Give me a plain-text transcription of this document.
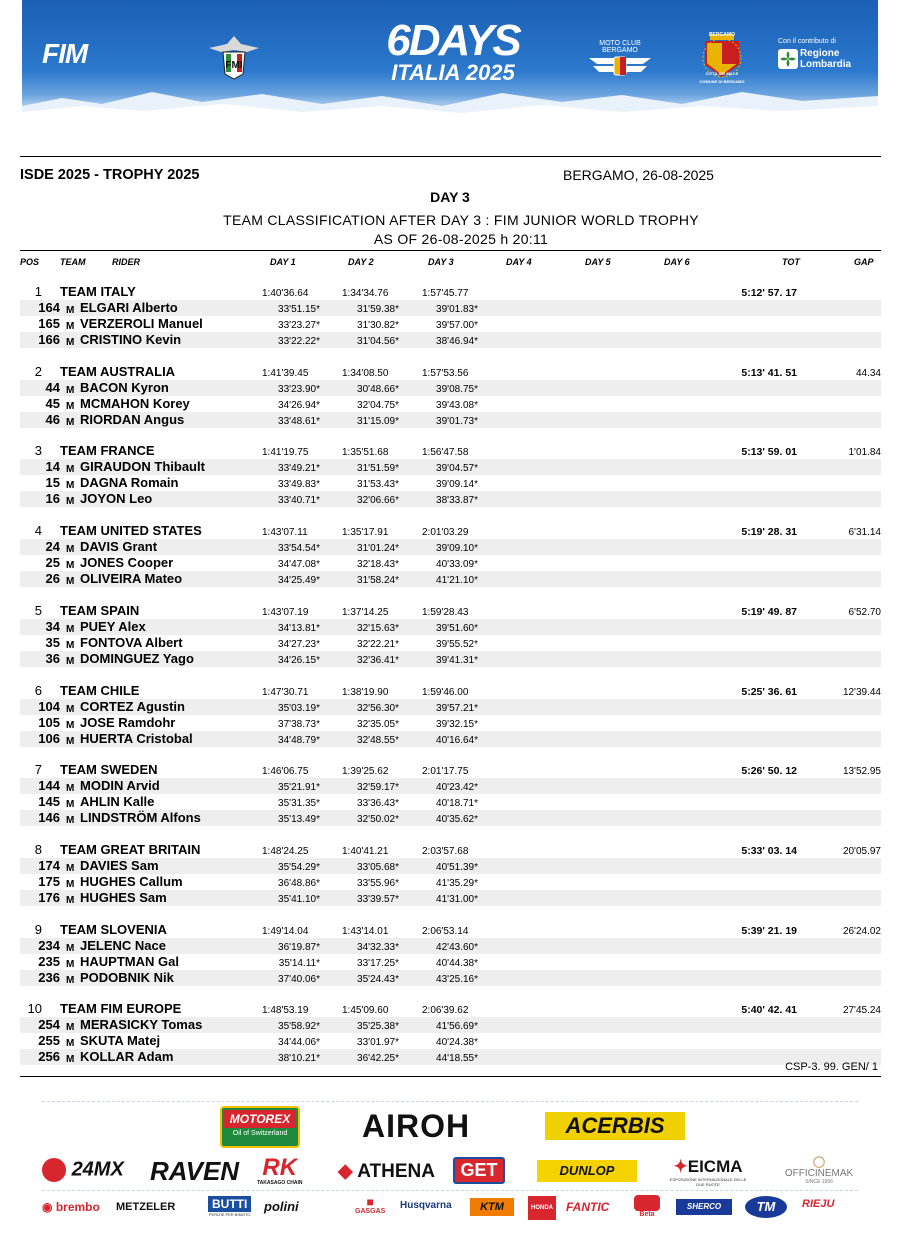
FIM	FMI
6DAYS
ITALIA 2025
MOTO CLUB BERGAMO
BERGAMO
CITTÀ DEI MILLE
COMUNE DI BERGAMO
Con il contributo di
Regione
Lombardia
ISDE 2025 - TROPHY 2025	BERGAMO, 26-08-2025
DAY 3
TEAM CLASSIFICATION AFTER DAY 3 : FIM JUNIOR WORLD TROPHY
AS OF 26-08-2025 h 20:11
POS TEAM	RIDER	DAY 1	DAY 2	DAY 3	DAY 4	DAY 5	DAY 6	TOT	GAP
1 TEAM ITALY	1:40'36.64	1:34'34.76	1:57'45.77	5:12' 57. 17
164 M ELGARI Alberto	33'51.15*	31'59.38*	39'01.83*
165 M VERZEROLI Manuel	33'23.27*	31'30.82*	39'57.00*
166 M CRISTINO Kevin	33'22.22*	31'04.56*	38'46.94*
2 TEAM AUSTRALIA	1:41'39.45	1:34'08.50	1:57'53.56	5:13' 41. 51	44.34
44 M BACON Kyron	33'23.90*	30'48.66*	39'08.75*
45 M MCMAHON Korey	34'26.94*	32'04.75*	39'43.08*
46 M RIORDAN Angus	33'48.61*	31'15.09*	39'01.73*
3 TEAM FRANCE	1:41'19.75	1:35'51.68	1:56'47.58	5:13' 59. 01	1'01.84
14 M GIRAUDON Thibault	33'49.21*	31'51.59*	39'04.57*
15 M DAGNA Romain	33'49.83*	31'53.43*	39'09.14*
16 M JOYON Leo	33'40.71*	32'06.66*	38'33.87*
4 TEAM UNITED STATES	1:43'07.11	1:35'17.91	2:01'03.29	5:19' 28. 31	6'31.14
24 M DAVIS Grant	33'54.54*	31'01.24*	39'09.10*
25 M JONES Cooper	34'47.08*	32'18.43*	40'33.09*
26 M OLIVEIRA Mateo	34'25.49*	31'58.24*	41'21.10*
5 TEAM SPAIN	1:43'07.19	1:37'14.25	1:59'28.43	5:19' 49. 87	6'52.70
34 M PUEY Alex	34'13.81*	32'15.63*	39'51.60*
35 M FONTOVA Albert	34'27.23*	32'22.21*	39'55.52*
36 M DOMINGUEZ Yago	34'26.15*	32'36.41*	39'41.31*
6 TEAM CHILE	1:47'30.71	1:38'19.90	1:59'46.00	5:25' 36. 61	12'39.44
104 M CORTEZ Agustin	35'03.19*	32'56.30*	39'57.21*
105 M JOSE Ramdohr	37'38.73*	32'35.05*	39'32.15*
106 M HUERTA Cristobal	34'48.79*	32'48.55*	40'16.64*
7 TEAM SWEDEN	1:46'06.75	1:39'25.62	2:01'17.75	5:26' 50. 12	13'52.95
144 M MODIN Arvid	35'21.91*	32'59.17*	40'23.42*
145 M AHLIN Kalle	35'31.35*	33'36.43*	40'18.71*
146 M LINDSTRÖM Alfons	35'13.49*	32'50.02*	40'35.62*
8 TEAM GREAT BRITAIN	1:48'24.25	1:40'41.21	2:03'57.68	5:33' 03. 14	20'05.97
174 M DAVIES Sam	35'54.29*	33'05.68*	40'51.39*
175 M HUGHES Callum	36'48.86*	33'55.96*	41'35.29*
176 M HUGHES Sam	35'41.10*	33'39.57*	41'31.00*
9 TEAM SLOVENIA	1:49'14.04	1:43'14.01	2:06'53.14	5:39' 21. 19	26'24.02
234 M JELENC Nace	36'19.87*	34'32.33*	42'43.60*
235 M HAUPTMAN Gal	35'14.11*	33'17.25*	40'44.38*
236 M PODOBNIK Nik	37'40.06*	35'24.43*	43'25.16*
10 TEAM FIM EUROPE	1:48'53.19	1:45'09.60	2:06'39.62	5:40' 42. 41	27'45.24
254 M MERASICKY Tomas	35'58.92*	35'25.38*	41'56.69*
255 M SKUTA Matej	34'44.06*	33'01.97*	40'24.38*
256 M KOLLAR Adam	38'10.21*	36'42.25*	44'18.55*
CSP-3. 99. GEN/ 1
MOTOREX
Oil of Switzerland	AIROH	ACERBIS
24MX RAVEN RK
TAKASAGO CHAIN
◆ ATHENA	GET	DUNLOP	✦EICMA
ESPOSIZIONE INTERNAZIONALE DELLE DUE RUOTE
◯
OFFICINEMAK
SINCE 1956
◉ brembo METZELER	BUTTI
PERIZIE PER BIMOTO
polini	■
GASGAS
Husqvarna	KTM	HONDA FANTIC
Beta
SHERCO	TM	RIEJU
